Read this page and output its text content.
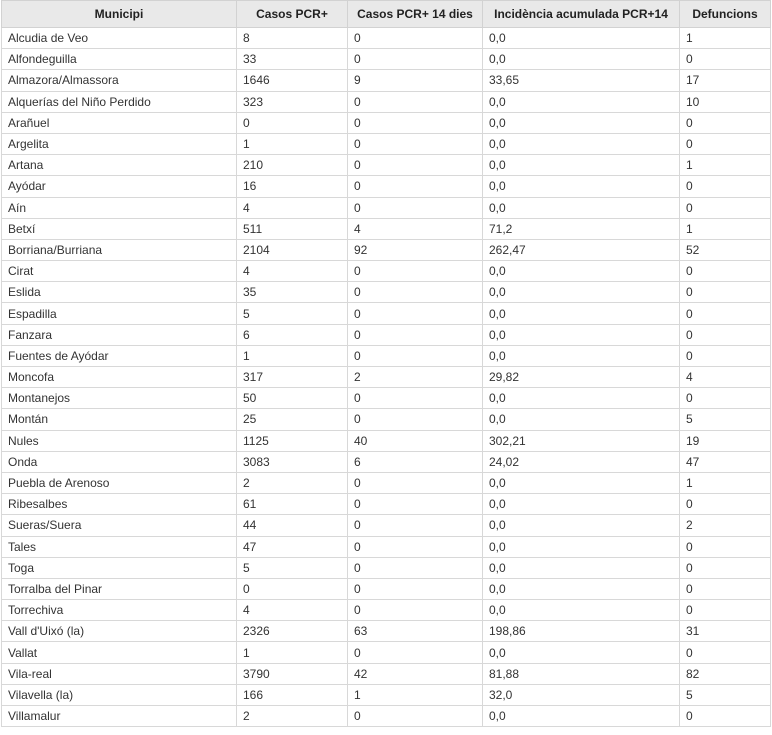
Municipi	Casos PCR+	Casos PCR+ 14 dies	Incidència acumulada PCR+14	Defuncions
Alcudia de Veo	8	0	0,0	1
Alfondeguilla	33	0	0,0	0
Almazora/Almassora	1646	9	33,65	17
Alquerías del Niño Perdido	323	0	0,0	10
Arañuel	0	0	0,0	0
Argelita	1	0	0,0	0
Artana	210	0	0,0	1
Ayódar	16	0	0,0	0
Aín	4	0	0,0	0
Betxí	511	4	71,2	1
Borriana/Burriana	2104	92	262,47	52
Cirat	4	0	0,0	0
Eslida	35	0	0,0	0
Espadilla	5	0	0,0	0
Fanzara	6	0	0,0	0
Fuentes de Ayódar	1	0	0,0	0
Moncofa	317	2	29,82	4
Montanejos	50	0	0,0	0
Montán	25	0	0,0	5
Nules	1125	40	302,21	19
Onda	3083	6	24,02	47
Puebla de Arenoso	2	0	0,0	1
Ribesalbes	61	0	0,0	0
Sueras/Suera	44	0	0,0	2
Tales	47	0	0,0	0
Toga	5	0	0,0	0
Torralba del Pinar	0	0	0,0	0
Torrechiva	4	0	0,0	0
Vall d'Uixó (la)	2326	63	198,86	31
Vallat	1	0	0,0	0
Vila-real	3790	42	81,88	82
Vilavella (la)	166	1	32,0	5
Villamalur	2	0	0,0	0
